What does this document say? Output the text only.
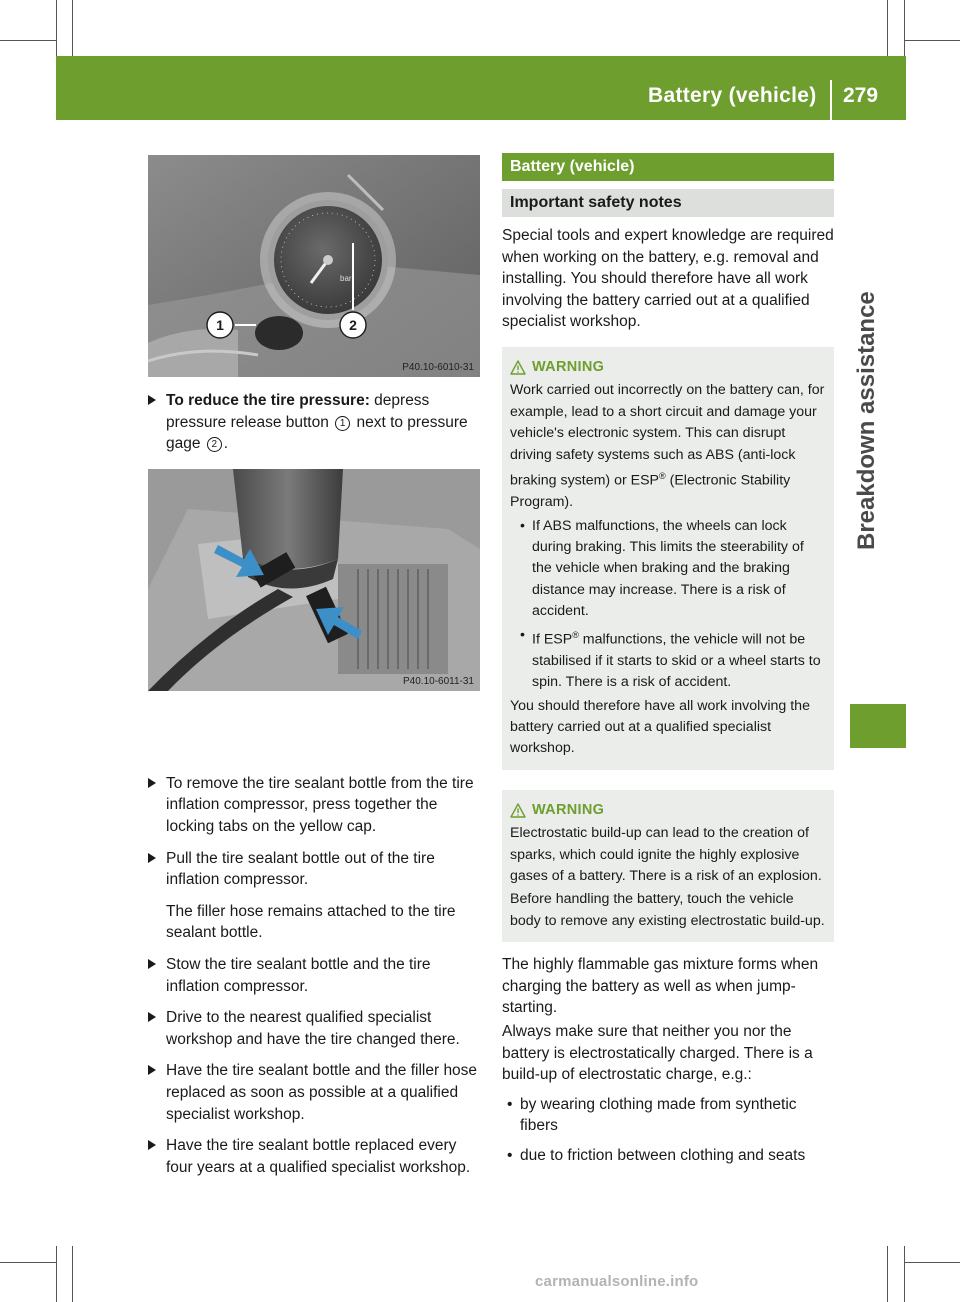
Battery (vehicle) 279
Breakdown assistance
bar
1	2
P40.10-6010-31
P40.10-6011-31

To reduce the tire pressure: depress pressure release button 1 next to pressure gage 2 .

To remove the tire sealant bottle from the tire inflation compressor, press together the locking tabs on the yellow cap.

Pull the tire sealant bottle out of the tire inflation compressor.

The filler hose remains attached to the tire sealant bottle.

Stow the tire sealant bottle and the tire inflation compressor.

Drive to the nearest qualified specialist workshop and have the tire changed there.

Have the tire sealant bottle and the filler hose replaced as soon as possible at a qualified specialist workshop.

Have the tire sealant bottle replaced every four years at a qualified specialist workshop.

Battery (vehicle)
Important safety notes

Special tools and expert knowledge are required when working on the battery, e.g. removal and installing. You should therefore have all work involving the battery carried out at a qualified specialist workshop.

WARNING

Work carried out incorrectly on the battery can, for example, lead to a short circuit and damage your vehicle's electronic system. This can disrupt driving safety systems such as ABS (anti-lock braking system) or ESP® (Electronic Stability Program).

• If ABS malfunctions, the wheels can lock during braking. This limits the steerability of the vehicle when braking and the braking distance may increase. There is a risk of accident.
• If ESP® malfunctions, the vehicle will not be stabilised if it starts to skid or a wheel starts to spin. There is a risk of accident.

You should therefore have all work involving the battery carried out at a qualified specialist workshop.

WARNING

Electrostatic build-up can lead to the creation of sparks, which could ignite the highly explosive gases of a battery. There is a risk of an explosion.

Before handling the battery, touch the vehicle body to remove any existing electrostatic build-up.

The highly flammable gas mixture forms when charging the battery as well as when jump-starting.

Always make sure that neither you nor the battery is electrostatically charged. There is a build-up of electrostatic charge, e.g.:

• by wearing clothing made from synthetic fibers
• due to friction between clothing and seats
carmanualsonline.info
